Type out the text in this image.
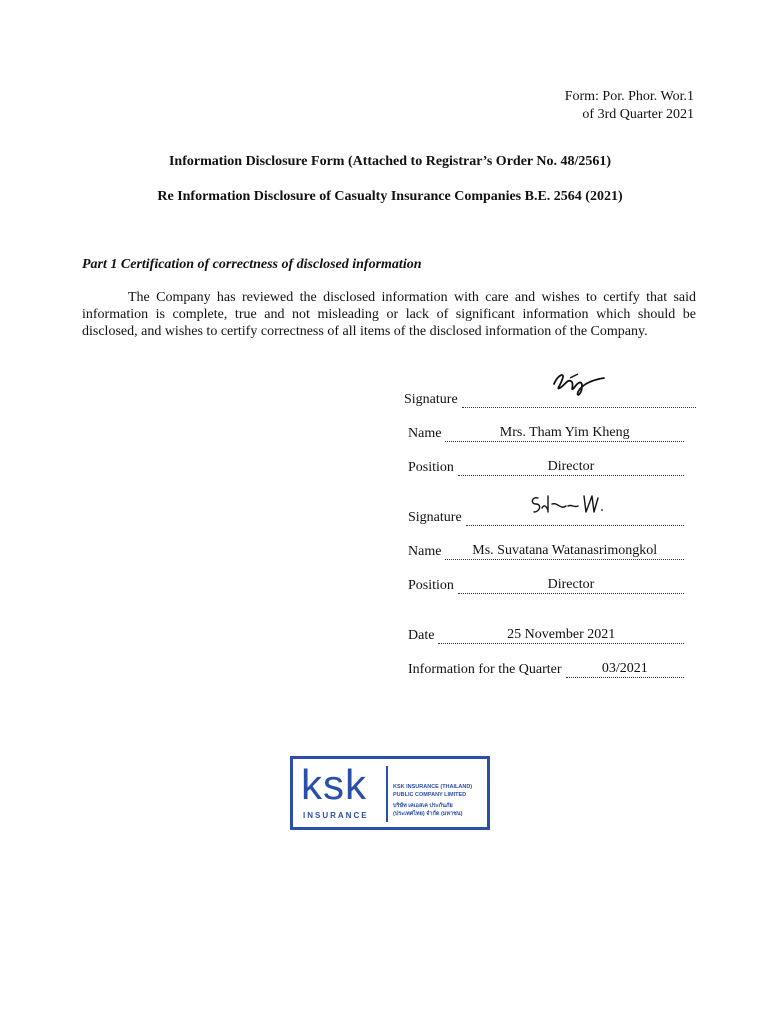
Form: Por. Phor. Wor.1
of 3rd Quarter 2021
Information Disclosure Form (Attached to Registrar’s Order No. 48/2561)
Re Information Disclosure of Casualty Insurance Companies B.E. 2564 (2021)
Part 1 Certification of correctness of disclosed information
The Company has reviewed the disclosed information with care and wishes to certify that said information is complete, true and not misleading or lack of significant information which should be disclosed, and wishes to certify correctness of all items of the disclosed information of the Company.
Signature
Name	Mrs. Tham Yim Kheng
Position	Director
Signature
Name	Ms. Suvatana Watanasrimongkol
Position	Director
Date	25 November 2021
Information for the Quarter	03/2021
ksk
INSURANCE
KSK INSURANCE (THAILAND)
PUBLIC COMPANY LIMITED
บริษัท เคเอสเค ประกันภัย
(ประเทศไทย) จำกัด (มหาชน)
